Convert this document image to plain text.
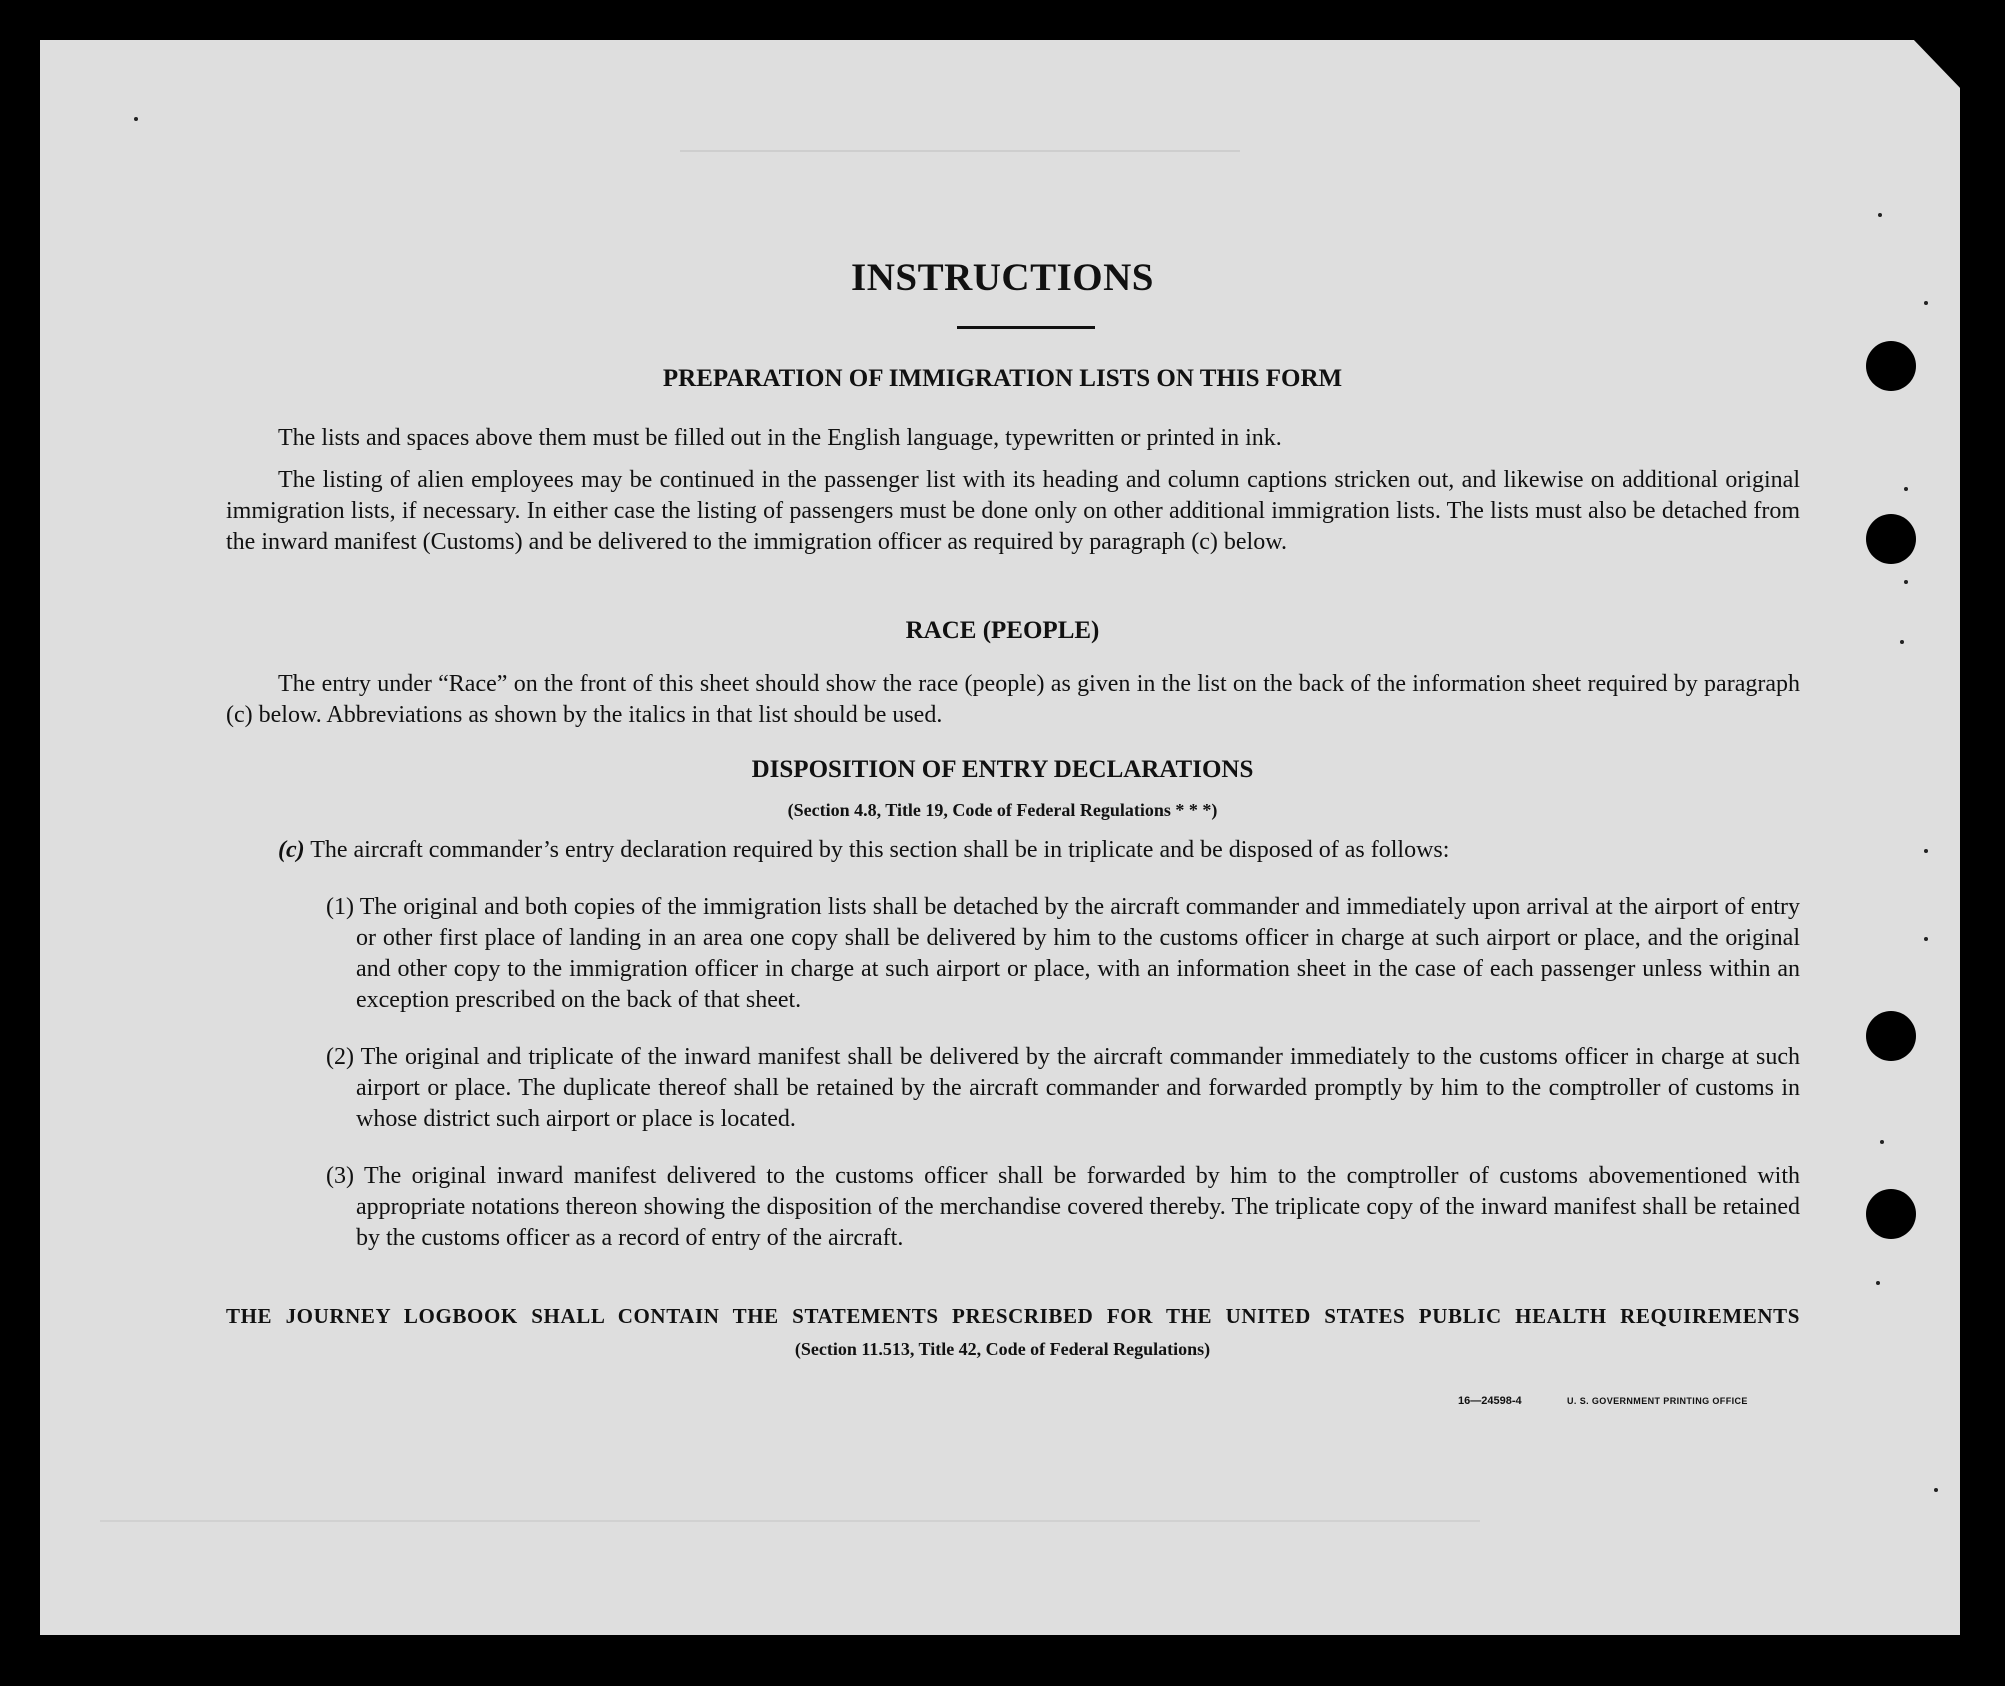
INSTRUCTIONS
PREPARATION OF IMMIGRATION LISTS ON THIS FORM
The lists and spaces above them must be filled out in the English language, typewritten or printed in ink.
The listing of alien employees may be continued in the passenger list with its heading and column captions stricken out, and likewise on additional original immigration lists, if necessary. In either case the listing of passengers must be done only on other additional immigration lists. The lists must also be detached from the inward manifest (Customs) and be delivered to the immigration officer as required by paragraph (c) below.
RACE (PEOPLE)
The entry under “Race” on the front of this sheet should show the race (people) as given in the list on the back of the information sheet required by paragraph (c) below. Abbreviations as shown by the italics in that list should be used.
DISPOSITION OF ENTRY DECLARATIONS
(Section 4.8, Title 19, Code of Federal Regulations * * *)
(c) The aircraft commander’s entry declaration required by this section shall be in triplicate and be disposed of as follows:
(1) The original and both copies of the immigration lists shall be detached by the aircraft commander and immediately upon arrival at the airport of entry or other first place of landing in an area one copy shall be delivered by him to the customs officer in charge at such airport or place, and the original and other copy to the immigration officer in charge at such airport or place, with an information sheet in the case of each passenger unless within an exception prescribed on the back of that sheet.
(2) The original and triplicate of the inward manifest shall be delivered by the aircraft commander immediately to the customs officer in charge at such airport or place. The duplicate thereof shall be retained by the aircraft commander and forwarded promptly by him to the comptroller of customs in whose district such airport or place is located.
(3) The original inward manifest delivered to the customs officer shall be forwarded by him to the comptroller of customs abovementioned with appropriate notations thereon showing the disposition of the merchandise covered thereby. The triplicate copy of the inward manifest shall be retained by the customs officer as a record of entry of the aircraft.
THE JOURNEY LOGBOOK SHALL CONTAIN THE STATEMENTS PRESCRIBED FOR THE UNITED STATES PUBLIC HEALTH REQUIREMENTS
(Section 11.513, Title 42, Code of Federal Regulations)
16—24598-4	U. S. GOVERNMENT PRINTING OFFICE
